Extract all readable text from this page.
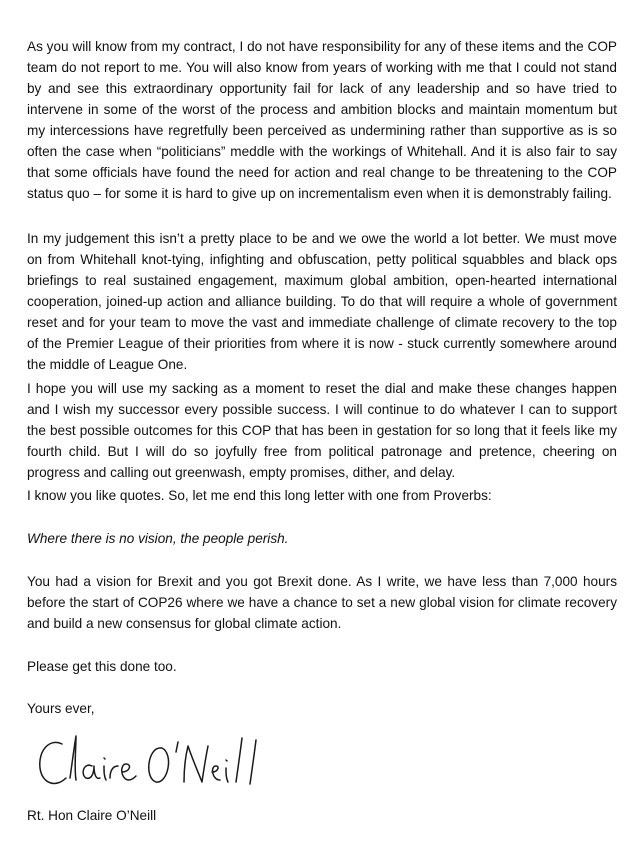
As you will know from my contract, I do not have responsibility for any of these items and the COP team do not report to me. You will also know from years of working with me that I could not stand by and see this extraordinary opportunity fail for lack of any leadership and so have tried to intervene in some of the worst of the process and ambition blocks and maintain momentum but my intercessions have regretfully been perceived as undermining rather than supportive as is so often the case when “politicians” meddle with the workings of Whitehall. And it is also fair to say that some officials have found the need for action and real change to be threatening to the COP status quo – for some it is hard to give up on incrementalism even when it is demonstrably failing.

In my judgement this isn’t a pretty place to be and we owe the world a lot better. We must move on from Whitehall knot-tying, infighting and obfuscation, petty political squabbles and black ops briefings to real sustained engagement, maximum global ambition, open-hearted international cooperation, joined-up action and alliance building. To do that will require a whole of government reset and for your team to move the vast and immediate challenge of climate recovery to the top of the Premier League of their priorities from where it is now - stuck currently somewhere around the middle of League One.

I hope you will use my sacking as a moment to reset the dial and make these changes happen and I wish my successor every possible success. I will continue to do whatever I can to support the best possible outcomes for this COP that has been in gestation for so long that it feels like my fourth child. But I will do so joyfully free from political patronage and pretence, cheering on progress and calling out greenwash, empty promises, dither, and delay.

I know you like quotes. So, let me end this long letter with one from Proverbs:

Where there is no vision, the people perish.

You had a vision for Brexit and you got Brexit done. As I write, we have less than 7,000 hours before the start of COP26 where we have a chance to set a new global vision for climate recovery and build a new consensus for global climate action.

Please get this done too.

Yours ever,

Rt. Hon Claire O’Neill
